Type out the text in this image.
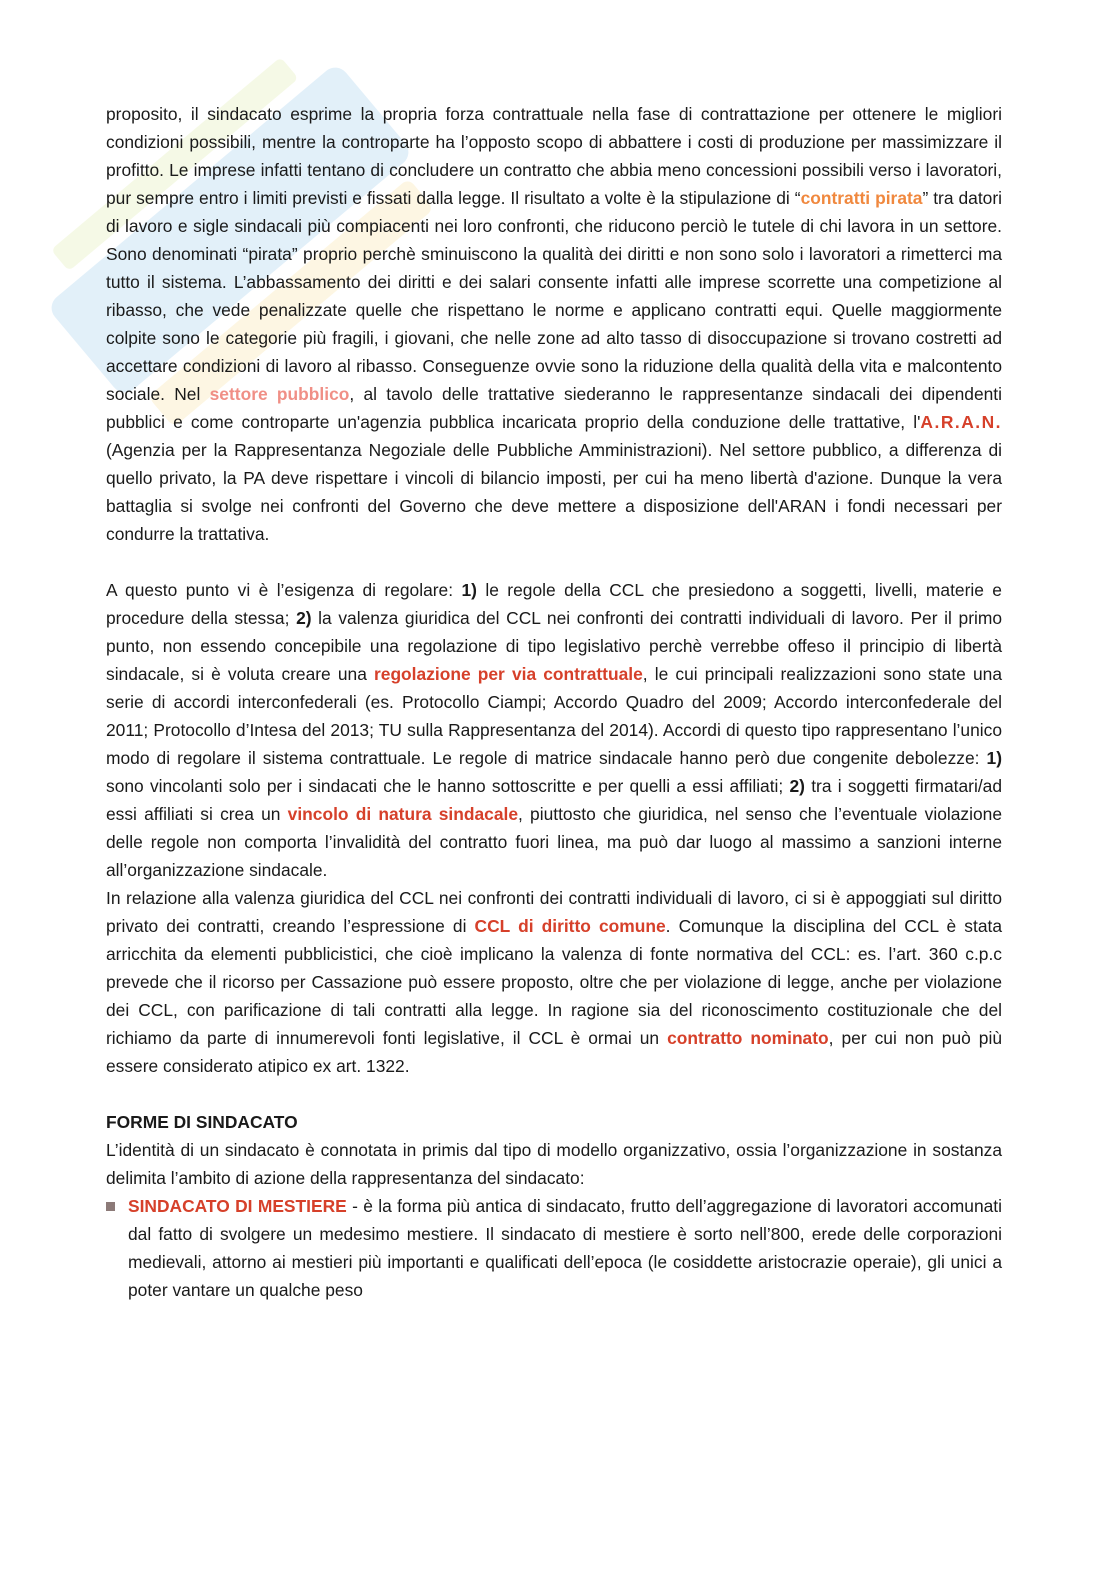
proposito, il sindacato esprime la propria forza contrattuale nella fase di contrattazione per ottenere le migliori condizioni possibili, mentre la controparte ha l’opposto scopo di abbattere i costi di produzione per massimizzare il profitto. Le imprese infatti tentano di concludere un contratto che abbia meno concessioni possibili verso i lavoratori, pur sempre entro i limiti previsti e fissati dalla legge. Il risultato a volte è la stipulazione di “contratti pirata” tra datori di lavoro e sigle sindacali più compiacenti nei loro confronti, che riducono perciò le tutele di chi lavora in un settore. Sono denominati “pirata” proprio perchè sminuiscono la qualità dei diritti e non sono solo i lavoratori a rimetterci ma tutto il sistema. L’abbassamento dei diritti e dei salari consente infatti alle imprese scorrette una competizione al ribasso, che vede penalizzate quelle che rispettano le norme e applicano contratti equi. Quelle maggiormente colpite sono le categorie più fragili, i giovani, che nelle zone ad alto tasso di disoccupazione si trovano costretti ad accettare condizioni di lavoro al ribasso. Conseguenze ovvie sono la riduzione della qualità della vita e malcontento sociale. Nel settore pubblico, al tavolo delle trattative siederanno le rappresentanze sindacali dei dipendenti pubblici e come controparte un'agenzia pubblica incaricata proprio della conduzione delle trattative, l'A.R.A.N. (Agenzia per la Rappresentanza Negoziale delle Pubbliche Amministrazioni). Nel settore pubblico, a differenza di quello privato, la PA deve rispettare i vincoli di bilancio imposti, per cui ha meno libertà d'azione. Dunque la vera battaglia si svolge nei confronti del Governo che deve mettere a disposizione dell'ARAN i fondi necessari per condurre la trattativa.

A questo punto vi è l’esigenza di regolare: 1) le regole della CCL che presiedono a soggetti, livelli, materie e procedure della stessa; 2) la valenza giuridica del CCL nei confronti dei contratti individuali di lavoro. Per il primo punto, non essendo concepibile una regolazione di tipo legislativo perchè verrebbe offeso il principio di libertà sindacale, si è voluta creare una regolazione per via contrattuale, le cui principali realizzazioni sono state una serie di accordi interconfederali (es. Protocollo Ciampi; Accordo Quadro del 2009; Accordo interconfederale del 2011; Protocollo d’Intesa del 2013; TU sulla Rappresentanza del 2014). Accordi di questo tipo rappresentano l’unico modo di regolare il sistema contrattuale. Le regole di matrice sindacale hanno però due congenite debolezze: 1) sono vincolanti solo per i sindacati che le hanno sottoscritte e per quelli a essi affiliati; 2) tra i soggetti firmatari/ad essi affiliati si crea un vincolo di natura sindacale, piuttosto che giuridica, nel senso che l’eventuale violazione delle regole non comporta l’invalidità del contratto fuori linea, ma può dar luogo al massimo a sanzioni interne all’organizzazione sindacale.

In relazione alla valenza giuridica del CCL nei confronti dei contratti individuali di lavoro, ci si è appoggiati sul diritto privato dei contratti, creando l’espressione di CCL di diritto comune. Comunque la disciplina del CCL è stata arricchita da elementi pubblicistici, che cioè implicano la valenza di fonte normativa del CCL: es. l’art. 360 c.p.c prevede che il ricorso per Cassazione può essere proposto, oltre che per violazione di legge, anche per violazione dei CCL, con parificazione di tali contratti alla legge. In ragione sia del riconoscimento costituzionale che del richiamo da parte di innumerevoli fonti legislative, il CCL è ormai un contratto nominato, per cui non può più essere considerato atipico ex art. 1322.

FORME DI SINDACATO

L’identità di un sindacato è connotata in primis dal tipo di modello organizzativo, ossia l’organizzazione in sostanza delimita l’ambito di azione della rappresentanza del sindacato:

SINDACATO DI MESTIERE - è la forma più antica di sindacato, frutto dell’aggregazione di lavoratori accomunati dal fatto di svolgere un medesimo mestiere. Il sindacato di mestiere è sorto nell’800, erede delle corporazioni medievali, attorno ai mestieri più importanti e qualificati dell’epoca (le cosiddette aristocrazie operaie), gli unici a poter vantare un qualche peso
